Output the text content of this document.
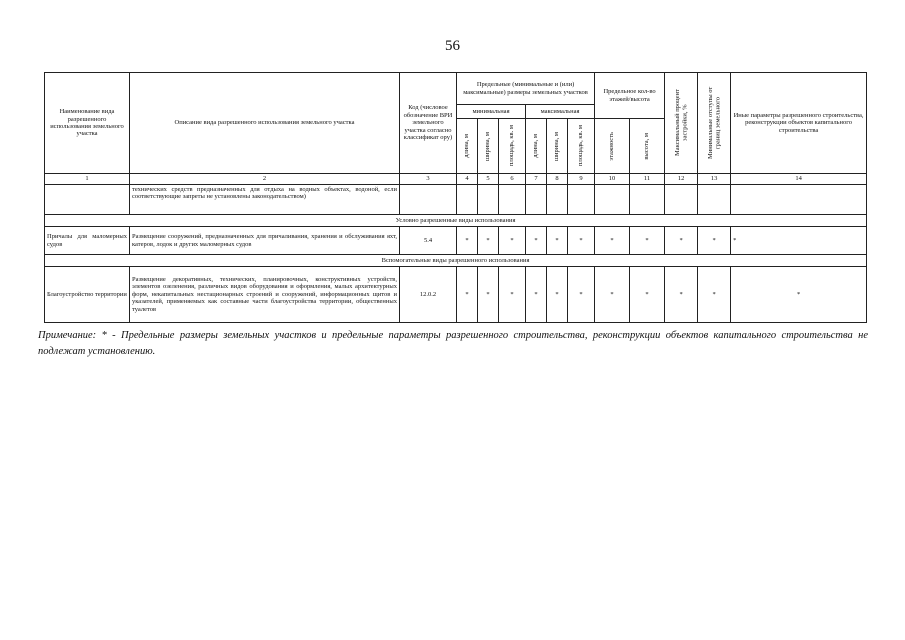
56
Наименование вида разрешенного использования земельного участка	Описание вида разрешенного использования земельного участка	Код (числовое обозначение ВРИ земельного участка согласно классификат оpy)	Предельные (минимальные и (или) максимальные) размеры земельных участков						Предельное кол-во этажей/высота		Максимальный процент застройки, %	Минимальные отступы от границ земельного	Иные параметры разрешенного строительства, реконструкции объектов капитального строительства
			минимальная			максимальная							

			длина, м	ширина, м	площадь, кв. м	длина, м	ширина, м	площадь, кв. м	этажность	высота, м			

1	2	3	4	5	6	7	8	9	10	11	12	13	14
	технических средств предназначенных для отдыха на водных объектах, водоной, если соответствующие запреты не установлены законодательством)												
Условно разрешенные виды использования													
Причалы для маломерных судов	Размещение сооружений, предназначенных для причаливания, хранения и обслуживания яхт, катеров, лодок и других маломерных судов	5.4	*	*	*	*	*	*	*	*	*	*	*
Вспомогательные виды разрешенного использования													
Благоустройство территории	Размещение декоративных, технических, планировочных, конструктивных устройств, элементов озеленения, различных видов оборудования и оформления, малых архитектурных форм, некапитальных нестационарных строений и сооружений, информационных щитов и указателей, применяемых как составные части благоустройства территории, общественных туалетов	12.0.2	*	*	*	*	*	*	*	*	*	*	*
Примечание: * - Предельные размеры земельных участков и предельные параметры разрешенного строительства, реконструкции объектов капитального строительства не подлежат установлению.
